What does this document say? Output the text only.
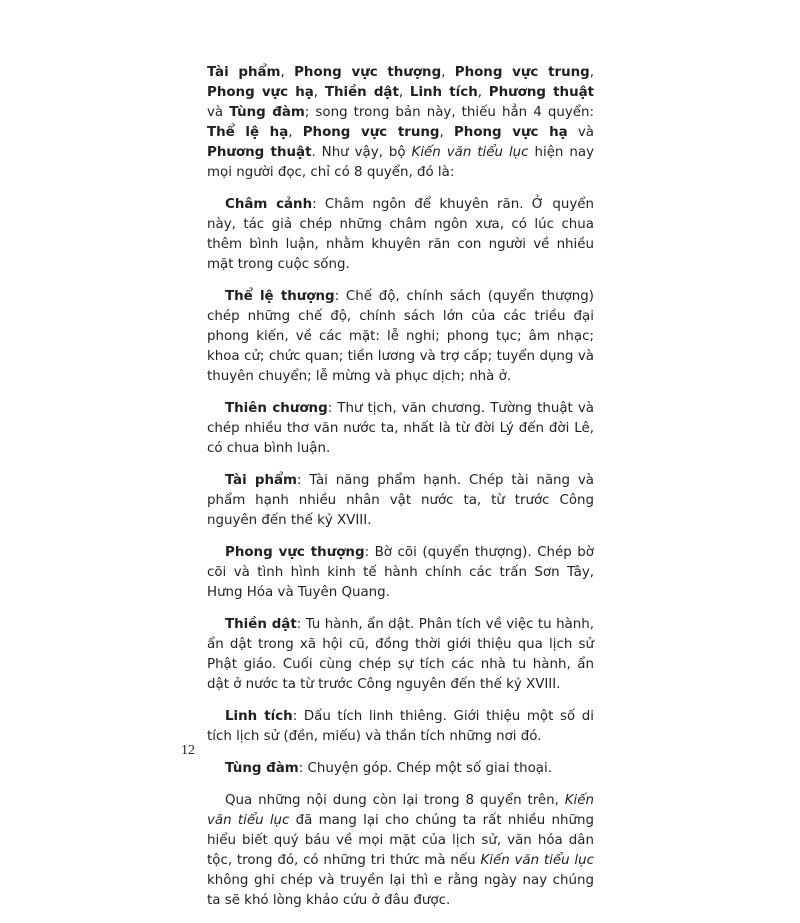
Tài phẩm, Phong vực thượng, Phong vực trung, Phong vực hạ, Thiền dật, Linh tích, Phương thuật và Tùng đàm; song trong bản này, thiếu hẳn 4 quyển: Thể lệ hạ, Phong vực trung, Phong vực hạ và Phương thuật. Như vậy, bộ Kiến văn tiểu lục hiện nay mọi người đọc, chỉ có 8 quyển, đó là:

Châm cảnh: Châm ngôn để khuyên răn. Ở quyển này, tác giả chép những châm ngôn xưa, có lúc chua thêm bình luận, nhằm khuyên răn con người về nhiều mặt trong cuộc sống.

Thể lệ thượng: Chế độ, chính sách (quyển thượng) chép những chế độ, chính sách lớn của các triều đại phong kiến, về các mặt: lễ nghi; phong tục; âm nhạc; khoa cử; chức quan; tiền lương và trợ cấp; tuyển dụng và thuyên chuyển; lễ mừng và phục dịch; nhà ở.

Thiên chương: Thư tịch, văn chương. Tường thuật và chép nhiều thơ văn nước ta, nhất là từ đời Lý đến đời Lê, có chua bình luận.

Tài phẩm: Tài năng phẩm hạnh. Chép tài năng và phẩm hạnh nhiều nhân vật nước ta, từ trước Công nguyên đến thế kỷ XVIII.

Phong vực thượng: Bờ cõi (quyển thượng). Chép bờ cõi và tình hình kinh tế hành chính các trấn Sơn Tây, Hưng Hóa và Tuyên Quang.

Thiền dật: Tu hành, ẩn dật. Phân tích về việc tu hành, ẩn dật trong xã hội cũ, đồng thời giới thiệu qua lịch sử Phật giáo. Cuối cùng chép sự tích các nhà tu hành, ẩn dật ở nước ta từ trước Công nguyên đến thế kỷ XVIII.

Linh tích: Dấu tích linh thiêng. Giới thiệu một số di tích lịch sử (đền, miếu) và thần tích những nơi đó.

Tùng đàm: Chuyện góp. Chép một số giai thoại.

Qua những nội dung còn lại trong 8 quyển trên, Kiến văn tiểu lục đã mang lại cho chúng ta rất nhiều những hiểu biết quý báu về mọi mặt của lịch sử, văn hóa dân tộc, trong đó, có những tri thức mà nếu Kiến văn tiểu lục không ghi chép và truyền lại thì e rằng ngày nay chúng ta sẽ khó lòng khảo cứu ở đâu được.

12
